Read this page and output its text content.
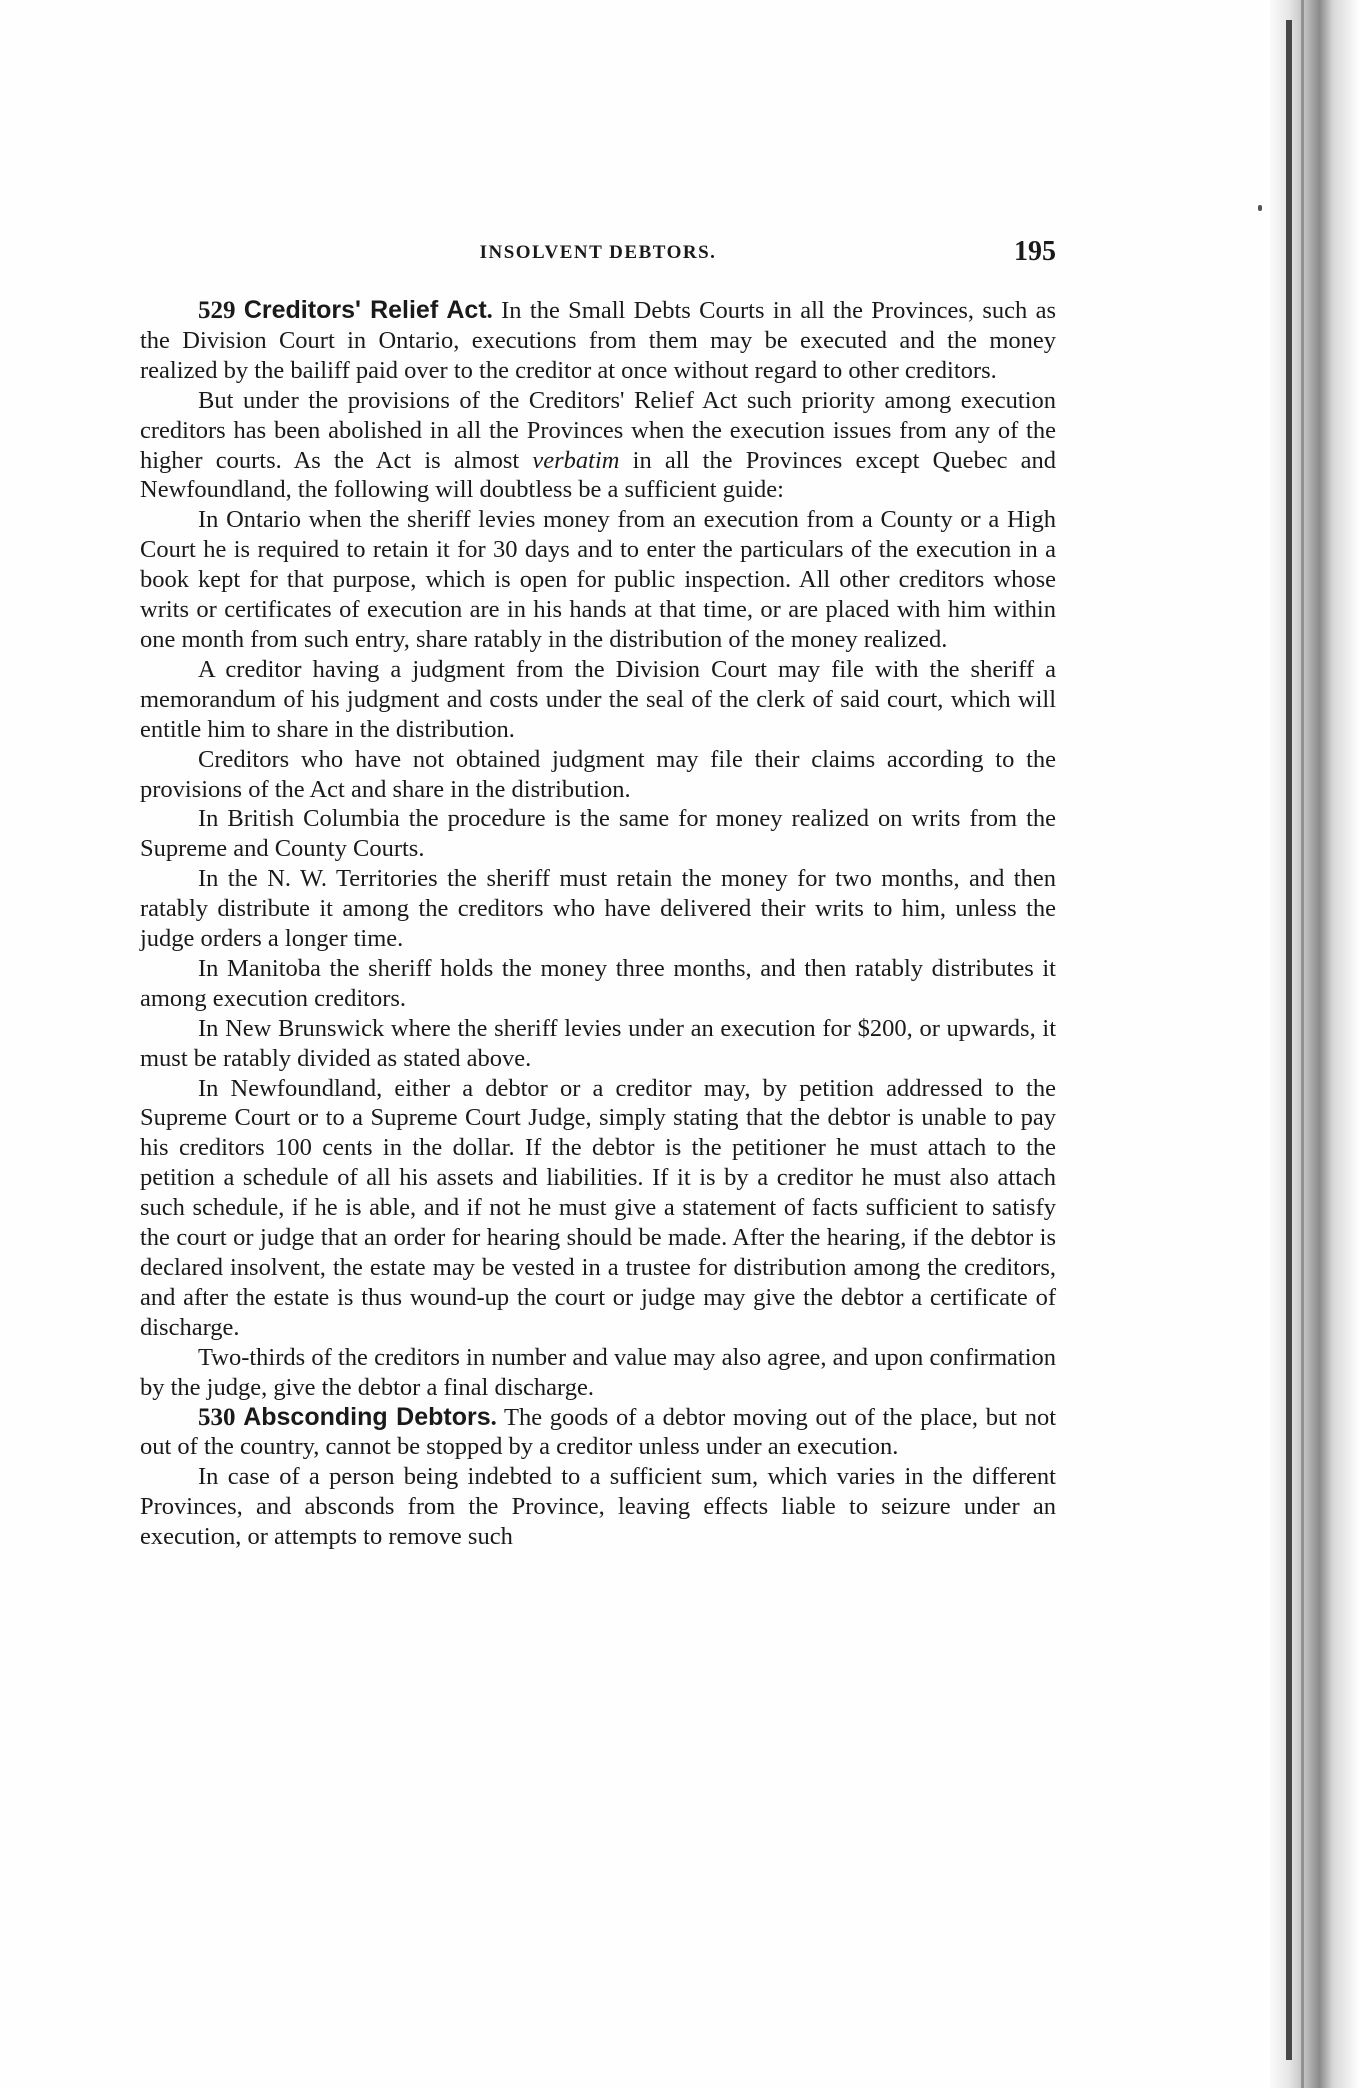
INSOLVENT DEBTORS.	195

529 Creditors' Relief Act. In the Small Debts Courts in all the Provinces, such as the Division Court in Ontario, executions from them may be executed and the money realized by the bailiff paid over to the creditor at once without regard to other creditors.

But under the provisions of the Creditors' Relief Act such priority among execution creditors has been abolished in all the Provinces when the execution issues from any of the higher courts. As the Act is almost verbatim in all the Provinces except Quebec and Newfoundland, the following will doubtless be a sufficient guide:

In Ontario when the sheriff levies money from an execution from a County or a High Court he is required to retain it for 30 days and to enter the particulars of the execution in a book kept for that purpose, which is open for public inspection. All other creditors whose writs or certificates of execution are in his hands at that time, or are placed with him within one month from such entry, share ratably in the distribution of the money realized.

A creditor having a judgment from the Division Court may file with the sheriff a memorandum of his judgment and costs under the seal of the clerk of said court, which will entitle him to share in the distribution.

Creditors who have not obtained judgment may file their claims according to the provisions of the Act and share in the distribution.

In British Columbia the procedure is the same for money realized on writs from the Supreme and County Courts.

In the N. W. Territories the sheriff must retain the money for two months, and then ratably distribute it among the creditors who have delivered their writs to him, unless the judge orders a longer time.

In Manitoba the sheriff holds the money three months, and then ratably distributes it among execution creditors.

In New Brunswick where the sheriff levies under an execution for $200, or upwards, it must be ratably divided as stated above.

In Newfoundland, either a debtor or a creditor may, by petition addressed to the Supreme Court or to a Supreme Court Judge, simply stating that the debtor is unable to pay his creditors 100 cents in the dollar. If the debtor is the petitioner he must attach to the petition a schedule of all his assets and liabilities. If it is by a creditor he must also attach such schedule, if he is able, and if not he must give a statement of facts sufficient to satisfy the court or judge that an order for hearing should be made. After the hearing, if the debtor is declared insolvent, the estate may be vested in a trustee for distribution among the creditors, and after the estate is thus wound-up the court or judge may give the debtor a certificate of discharge.

Two-thirds of the creditors in number and value may also agree, and upon confirmation by the judge, give the debtor a final discharge.

530 Absconding Debtors. The goods of a debtor moving out of the place, but not out of the country, cannot be stopped by a creditor unless under an execution.

In case of a person being indebted to a sufficient sum, which varies in the different Provinces, and absconds from the Province, leaving effects liable to seizure under an execution, or attempts to remove such
